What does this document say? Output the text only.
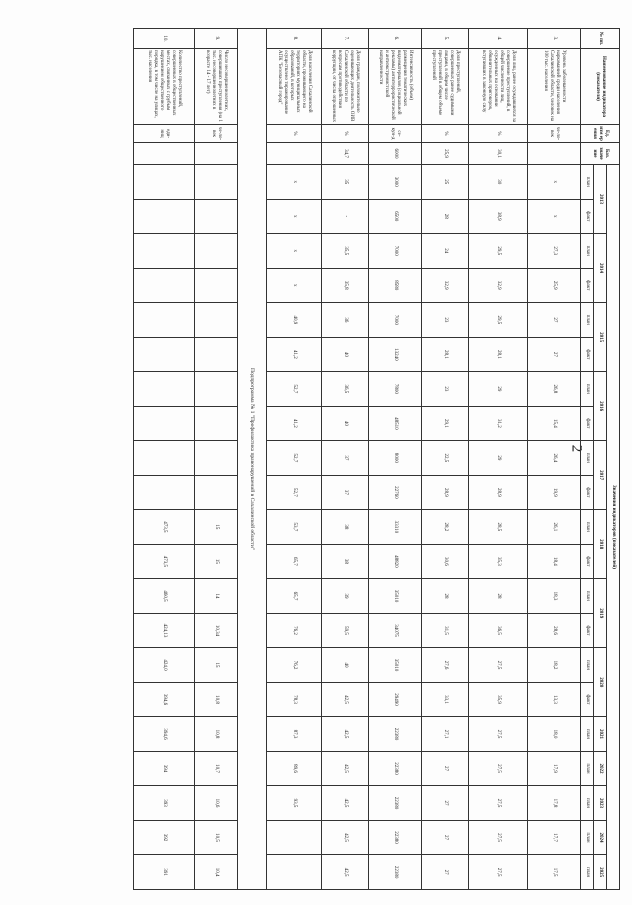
2
№ пп.	Наименование индикатора (показателя)	Ед. изм ер ения	Баз. значе ние	Значения индикаторов (показателей)																				
				2013		2014		2015		2016		2017		2018		2019		2020		2021	2022	2023	2024	2025
				план	факт	план	факт	план	факт	план	факт	план	факт	план	факт	план	факт	план	факт	план	план	план	план	план
3.	Уровень заболеваемости наркоманией среди населения Сахалинской области, человек на 100 тыс. населения	че-ло-век		x	x	27,3	25,9	27	27	26,8	15,4	26,4	19,9	26,1	18,4	18,3	28,6	18,2	13,3	18,0	17,9	17,8	17,7	17,5
4.	Доля лиц, ранее осуждавшихся за совершение преступлений, в общей численности лиц, осужденных на основании обвинительных приговоров, вступивших в законную силу	%	30,1	30	38,9	29,5	32,9	29,5	28,1	29	31,2	29	28,9	28,5	35,3	28	36,5	27,5	35,9	27,5	27,5	27,5	27,5	27,5
5.	Доля преступлений, совершенных ранее судимыми лицами, в общем числе преступлений в общем объеме преступлений	%	25,9	25	28	24	32,9	23	28,1	23	29,1	22,5	28,9	28,2	30,6	28	31,5	27,6	33,1	27,1	27	27	27	27
6.	Интенсивность (объем) размещения тематических видеоматериалов (социальной рекламы) антитеррористической и антиэкстремистской направленности	се-кун-д	6000	3000	6500	7000	8580	7000	13240	7800	48510	8000	22760	33310	48820	35010	34075	35010	29490	22380	22380	22380	22380	22380
7.	Доля граждан, положительно оценивающих деятельность ОИВ Сахалинской области по вопросам противодействия коррупции, от числа опрошенных	%	34,7	35	-	35,5	35,8	36	40	36,5	40	37	37	38	38	39	59,5	40	42,5	42,5	42,5	42,5	42,5	42,5
8.	Доля населения Сахалинской области, проживающего на территориях муниципальных образований, в которых осуществлено тиражирование АПК "Безопасный город"	%		x	x	x	x	40,9	41,2	52,7	41,2	52,7	52,7	53,7	65,7	65,7	76,2	76,2	78,3	87,3	89,6	93,5		
Подпрограмма № 1 "Профилактика правонарушений в Сахалинской области"																								
9.	Число несовершеннолетних, совершивших преступления (на 1 тыс. несовершеннолетних в возрасте 14 - 17 лет)	че-ло-век												15	15	14	10,34	15	10,8	10,8	10,7	10,6	10,5	10,4
10.	Количество преступлений, совершенных в общественных местах, связанных с грубым нарушением общественного порядка, в том числе на улицах, тыс. населения	еди-ниц												473,5	473,5	460,5	424,13	424,0	394,6	394,6	394	393	392	391
